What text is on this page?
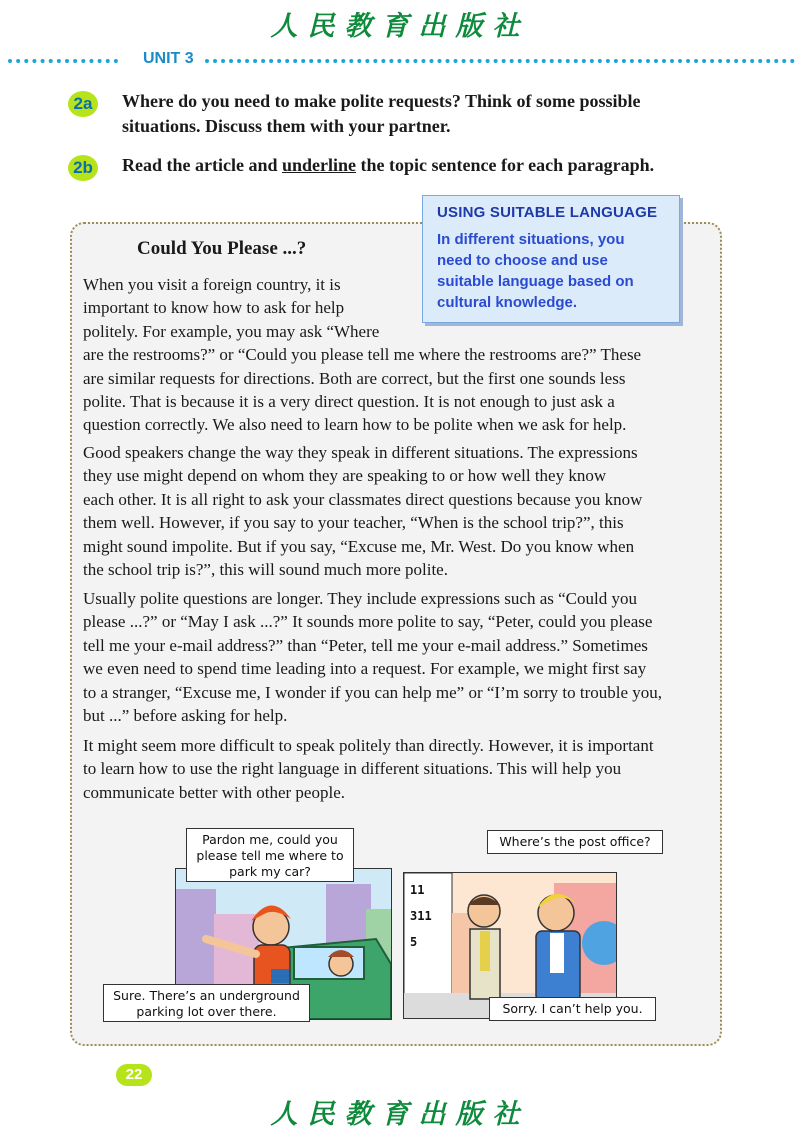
人民教育出版社
UNIT 3
2a	Where do you need to make polite requests? Think of some possible
situations. Discuss them with your partner.
2b Read the article and underline the topic sentence for each paragraph.
USING SUITABLE LANGUAGE
In different situations, you
need to choose and use
suitable language based on
cultural knowledge.
Could You Please ...?
When you visit a foreign country, it is
important to know how to ask for help
politely. For example, you may ask “Where
are the restrooms?” or “Could you please tell me where the restrooms are?” These
are similar requests for directions. Both are correct, but the first one sounds less
polite. That is because it is a very direct question. It is not enough to just ask a
question correctly. We also need to learn how to be polite when we ask for help.
Good speakers change the way they speak in different situations. The expressions
they use might depend on whom they are speaking to or how well they know
each other. It is all right to ask your classmates direct questions because you know
them well. However, if you say to your teacher, “When is the school trip?”, this
might sound impolite. But if you say, “Excuse me, Mr. West. Do you know when
the school trip is?”, this will sound much more polite.
Usually polite questions are longer. They include expressions such as “Could you
please ...?” or “May I ask ...?” It sounds more polite to say, “Peter, could you please
tell me your e-mail address?” than “Peter, tell me your e-mail address.” Sometimes
we even need to spend time leading into a request. For example, we might first say
to a stranger, “Excuse me, I wonder if you can help me” or “I’m sorry to trouble you,
but ...” before asking for help.
It might seem more difficult to speak politely than directly. However, it is important
to learn how to use the right language in different situations. This will help you
communicate better with other people.
Pardon me, could you
please tell me where to
park my car?
Sure. There’s an underground
parking lot over there.
11
311
5
Where’s the post office?
Sorry. I can’t help you.
22
人民教育出版社
